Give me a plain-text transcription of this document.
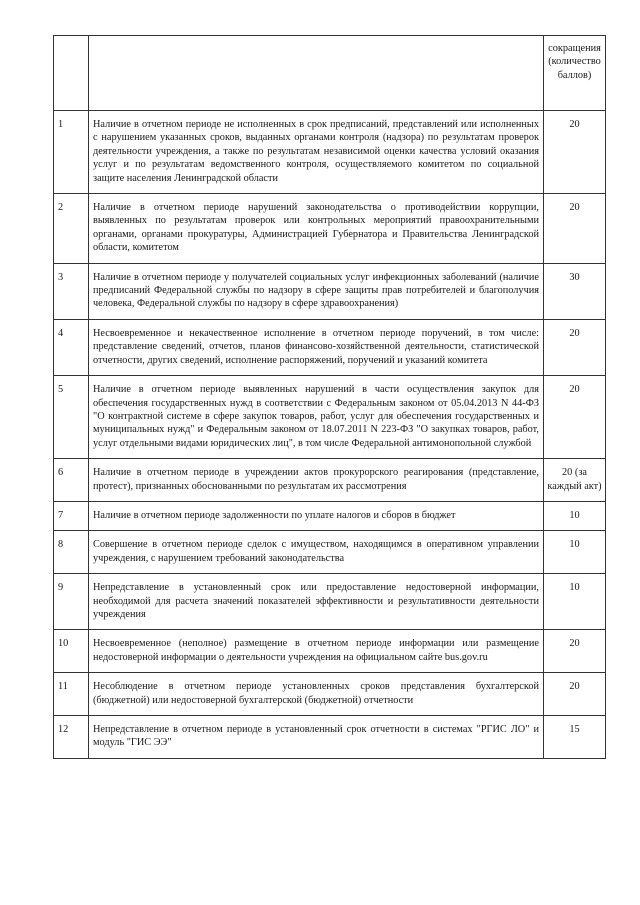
		сокращения (количество баллов)
1	Наличие в отчетном периоде не исполненных в срок предписаний, представлений или исполненных с нарушением указанных сроков, выданных органами контроля (надзора) по результатам проверок деятельности учреждения, а также по результатам независимой оценки качества условий оказания услуг и по результатам ведомственного контроля, осуществляемого комитетом по социальной защите населения Ленинградской области	20
2	Наличие в отчетном периоде нарушений законодательства о противодействии коррупции, выявленных по результатам проверок или контрольных мероприятий правоохранительными органами, органами прокуратуры, Администрацией Губернатора и Правительства Ленинградской области, комитетом	20
3	Наличие в отчетном периоде у получателей социальных услуг инфекционных заболеваний (наличие предписаний Федеральной службы по надзору в сфере защиты прав потребителей и благополучия человека, Федеральной службы по надзору в сфере здравоохранения)	30
4	Несвоевременное и некачественное исполнение в отчетном периоде поручений, в том числе: представление сведений, отчетов, планов финансово-хозяйственной деятельности, статистической отчетности, других сведений, исполнение распоряжений, поручений и указаний комитета	20
5	Наличие в отчетном периоде выявленных нарушений в части осуществления закупок для обеспечения государственных нужд в соответствии с Федеральным законом от 05.04.2013 N 44-ФЗ "О контрактной системе в сфере закупок товаров, работ, услуг для обеспечения государственных и муниципальных нужд" и Федеральным законом от 18.07.2011 N 223-ФЗ "О закупках товаров, работ, услуг отдельными видами юридических лиц", в том числе Федеральной антимонопольной службой	20
6	Наличие в отчетном периоде в учреждении актов прокурорского реагирования (представление, протест), признанных обоснованными по результатам их рассмотрения	20 (за каждый акт)
7	Наличие в отчетном периоде задолженности по уплате налогов и сборов в бюджет	10
8	Совершение в отчетном периоде сделок с имуществом, находящимся в оперативном управлении учреждения, с нарушением требований законодательства	10
9	Непредставление в установленный срок или предоставление недостоверной информации, необходимой для расчета значений показателей эффективности и результативности деятельности учреждения	10
10	Несвоевременное (неполное) размещение в отчетном периоде информации или размещение недостоверной информации о деятельности учреждения на официальном сайте bus.gov.ru	20
11	Несоблюдение в отчетном периоде установленных сроков представления бухгалтерской (бюджетной) или недостоверной бухгалтерской (бюджетной) отчетности	20
12	Непредставление в отчетном периоде в установленный срок отчетности в системах "РГИС ЛО" и модуль "ГИС ЭЭ"	15
